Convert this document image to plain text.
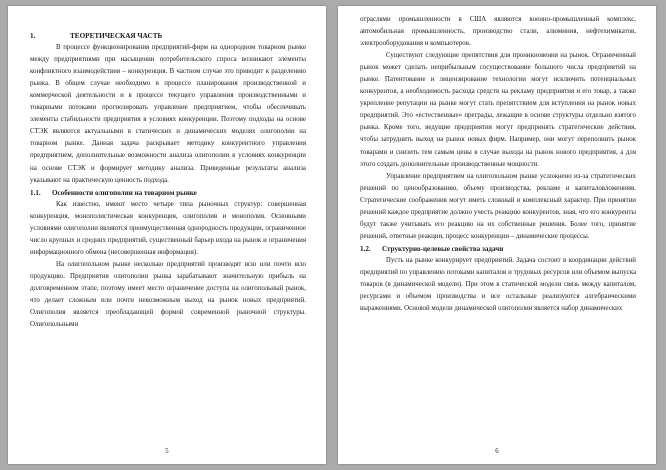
1.	ТЕОРЕТИЧЕСКАЯ ЧАСТЬ

В процессе функционирования предприятий-фирм на однородном товарном рынке между предприятиями при насыщении потребительского спроса возникают элементы конфликтного взаимодействия – конкуренция. В частном случае это приводит к разделению рынка. В общем случае необходимо в процессе планирования производственной и коммерческой деятельности и в процессе текущего управления производственными и товарными потоками прогнозировать управление предприятием, чтобы обеспечивать элементы стабильности предприятия в условиях конкуренции. Поэтому подходы на основе СТЭК являются актуальными в статических и динамических моделях олигополии на товарном рынке. Данная задача раскрывает методику конкурентного управления предприятием, дополнительные возможности анализа олигополии в условиях конкуренции на основе СТЭК и формирует методику анализа. Приведенные результаты анализа указывают на практическую ценность подхода.

1.1. Особенности олигополии на товарном рынке

Как известно, имеют место четыре типа рыночных структур: совершенная конкуренция, монополистическая конкуренция, олигополия и монополия. Основными условиями олигополии являются преимущественная однородность продукции, ограниченное число крупных и средних предприятий, существенный барьер входа на рынок и ограничения информационного обмена (несовершенная информация).

На олигопольном рынке несколько предприятий производят всю или почти всю продукцию. Предприятия олигополии рынка зарабатывают значительную прибыль на долговременном этапе, поэтому имеет место ограничение доступа на олигопольный рынок, что делает сложным или почти невозможным выход на рынок новых предприятий. Олигополия является преобладающей формой современной рыночной структуры. Олигопольными

5

отраслями промышленности в США являются военно-промышленный комплекс, автомобильная промышленность, производство стали, алюминия, нефтехимикатов, электрооборудования и компьютеров.

Существуют следующие препятствия для проникновения на рынок. Ограниченный рынок может сделать неприбыльным сосуществование большого числа предприятий на рынке. Патентование и лицензирование технологии могут исключить потенциальных конкурентов, а необходимость расхода средств на рекламу предприятия и его товар, а также укрепление репутации на рынке могут стать препятствием для вступления на рынок новых предприятий. Это «естественные» преграды, лежащие в основе структуры отдельно взятого рынка. Кроме того, ведущие предприятия могут предпринять стратегические действия, чтобы затруднить выход на рынок новых фирм. Например, они могут переполнить рынок товарами и снизить тем самым цены в случае выхода на рынок нового предприятия, а для этого создать дополнительные производственные мощности.

Управление предприятием на олигопольном рынке усложнено из-за стратегических решений по ценообразованию, объему производства, рекламе и капиталовложениям. Стратегические соображения могут иметь сложный и комплексный характер. При принятии решений каждое предприятие должно учесть реакцию конкурентов, зная, что его конкуренты будут также учитывать его реакцию на их собственные решения. Более того, принятие решений, ответные реакции, процесс конкуренции – динамические процессы.

1.2. Структурно-целевые свойства задачи

Пусть на рынке конкурирует предприятий. Задача состоит в координации действий предприятий по управлению потоками капиталов и трудовых ресурсов или объемом выпуска товаров (в динамической модели). При этом в статической модели связь между капиталом, ресурсами и объемом производства и все остальные реализуются алгебраическими выражениями. Основой модели динамической олигополии является набор динамических

6
